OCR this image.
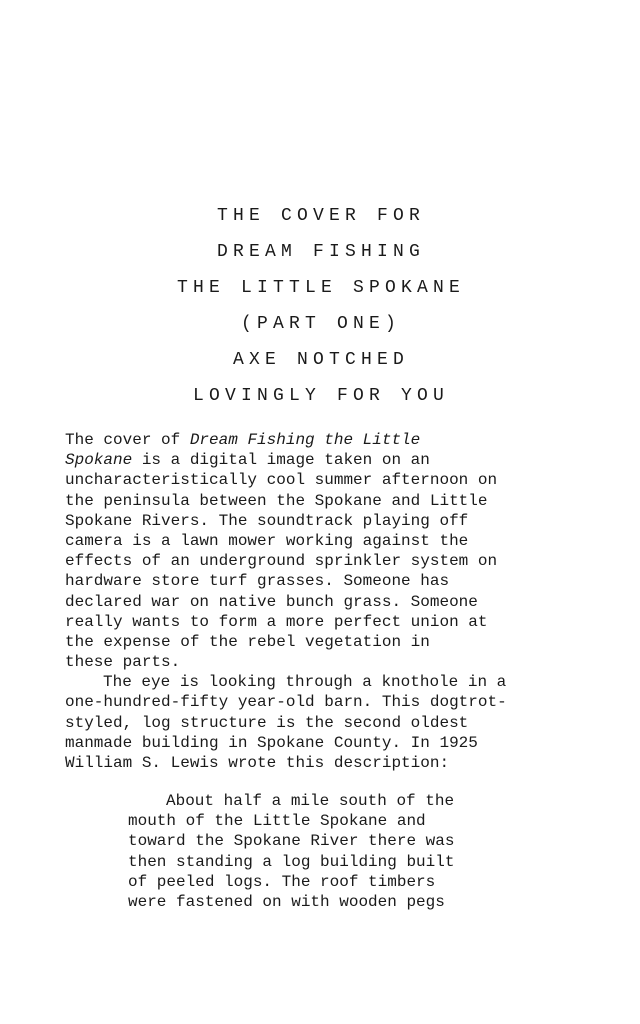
THE COVER FOR
DREAM FISHING
THE LITTLE SPOKANE
(PART ONE)
AXE NOTCHED
LOVINGLY FOR YOU
The cover of Dream Fishing the Little
Spokane is a digital image taken on an
uncharacteristically cool summer afternoon on
the peninsula between the Spokane and Little
Spokane Rivers. The soundtrack playing off
camera is a lawn mower working against the
effects of an underground sprinkler system on
hardware store turf grasses. Someone has
declared war on native bunch grass. Someone
really wants to form a more perfect union at
the expense of the rebel vegetation in
these parts.
The eye is looking through a knothole in a
one-hundred-fifty year-old barn. This dogtrot-
styled, log structure is the second oldest
manmade building in Spokane County. In 1925
William S. Lewis wrote this description:
About half a mile south of the
mouth of the Little Spokane and
toward the Spokane River there was
then standing a log building built
of peeled logs. The roof timbers
were fastened on with wooden pegs
